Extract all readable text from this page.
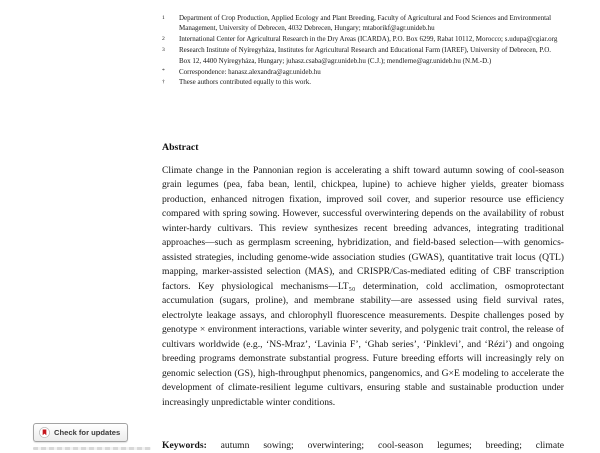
1	Department of Crop Production, Applied Ecology and Plant Breeding, Faculty of Agricultural and Food Sciences and Environmental Management, University of Debrecen, 4032 Debrecen, Hungary; mtaborikf@agr.unideb.hu
2	International Center for Agricultural Research in the Dry Areas (ICARDA), P.O. Box 6299, Rabat 10112, Morocco; s.udupa@cgiar.org
3	Research Institute of Nyíregyháza, Institutes for Agricultural Research and Educational Farm (IAREF), University of Debrecen, P.O. Box 12, 4400 Nyíregyháza, Hungary; juhasz.csaba@agr.unideb.hu (C.J.); mendlerne@agr.unideb.hu (N.M.-D.)
*	Correspondence: hanasz.alexandra@agr.unideb.hu
†	These authors contributed equally to this work.
Abstract

Climate change in the Pannonian region is accelerating a shift toward autumn sowing of cool-season grain legumes (pea, faba bean, lentil, chickpea, lupine) to achieve higher yields, greater biomass production, enhanced nitrogen fixation, improved soil cover, and superior resource use efficiency compared with spring sowing. However, successful overwintering depends on the availability of robust winter-hardy cultivars. This review synthesizes recent breeding advances, integrating traditional approaches—such as germplasm screening, hybridization, and field-based selection—with genomics-assisted strategies, including genome-wide association studies (GWAS), quantitative trait locus (QTL) mapping, marker-assisted selection (MAS), and CRISPR/Cas-mediated editing of CBF transcription factors. Key physiological mechanisms—LT₅₀ determination, cold acclimation, osmoprotectant accumulation (sugars, proline), and membrane stability—are assessed using field survival rates, electrolyte leakage assays, and chlorophyll fluorescence measurements. Despite challenges posed by genotype × environment interactions, variable winter severity, and polygenic trait control, the release of cultivars worldwide (e.g., ‘NS-Mraz’, ‘Lavinia F’, ‘Ghab series’, ‘Pinklevi’, and ‘Rézi’) and ongoing breeding programs demonstrate substantial progress. Future breeding efforts will increasingly rely on genomic selection (GS), high-throughput phenomics, pangenomics, and G×E modeling to accelerate the development of climate-resilient legume cultivars, ensuring stable and sustainable production under increasingly unpredictable winter conditions.

Keywords: autumn sowing; overwintering; cool-season legumes; breeding; climate

Check for updates
